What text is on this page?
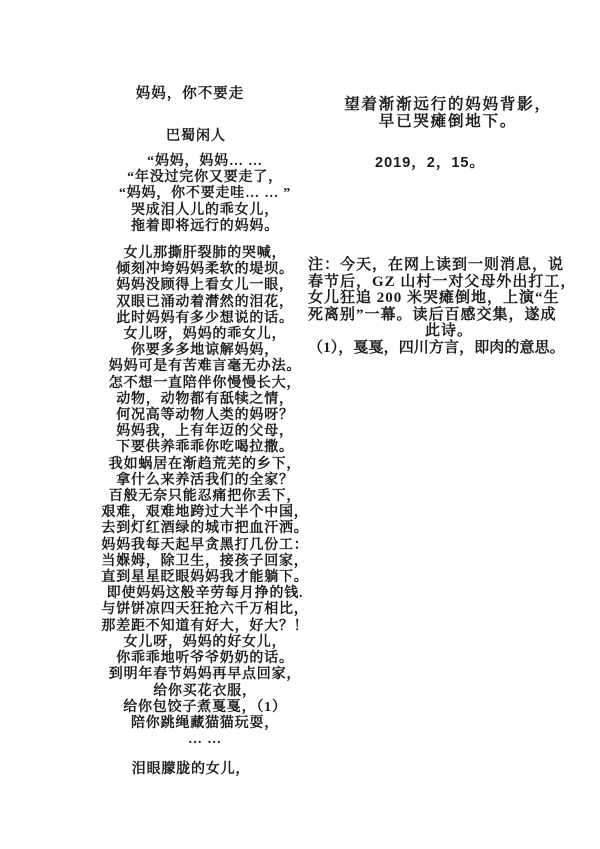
妈妈，你不要走
巴蜀闲人
“妈妈，妈妈… …
“年没过完你又要走了，
“妈妈，你不要走哇… … ”
哭成泪人儿的乖女儿，
拖着即将远行的妈妈。
女儿那撕肝裂肺的哭喊，
倾刻冲垮妈妈柔软的堤坝。
妈妈没顾得上看女儿一眼，
双眼已涌动着潸然的泪花，
此时妈妈有多少想说的话。
女儿呀，妈妈的乖女儿，
你要多多地谅解妈妈，
妈妈可是有苦难言毫无办法。
怎不想一直陪伴你慢慢长大，
动物，动物都有舐犊之情，
何况高等动物人类的妈呀？
妈妈我，上有年迈的父母，
下要供养乖乖你吃喝拉撒。
我如蜗居在渐趋荒芜的乡下，
拿什么来养活我们的全家？
百般无奈只能忍痛把你丢下，
艰难，艰难地跨过大半个中国，
去到灯红酒绿的城市把血汗洒。
妈妈我每天起早贪黑打几份工：
当媬姆，除卫生，接孩子回家，
直到星星眨眼妈妈我才能躺下。
即使妈妈这般辛劳每月挣的钱.
与饼饼凉四天狂抢六千万相比，
那差距不知道有好大，好大？！
女儿呀，妈妈的好女儿，
你乖乖地听爷爷奶奶的话。
到明年春节妈妈再早点回家，
给你买花衣服，
给你包饺子煮戛戛，（1）
陪你跳绳藏猫猫玩耍，
… …
泪眼朦胧的女儿，
望着渐渐远行的妈妈背影，
早已哭瘫倒地下。
2019，2，15。
注：今天，在网上读到一则消息，说
春节后，GZ 山村一对父母外出打工，
女儿狂追 200 米哭瘫倒地，上演“生
死离别”一幕。读后百感交集，遂成
此诗。
（1），戛戛，四川方言，即肉的意思。
